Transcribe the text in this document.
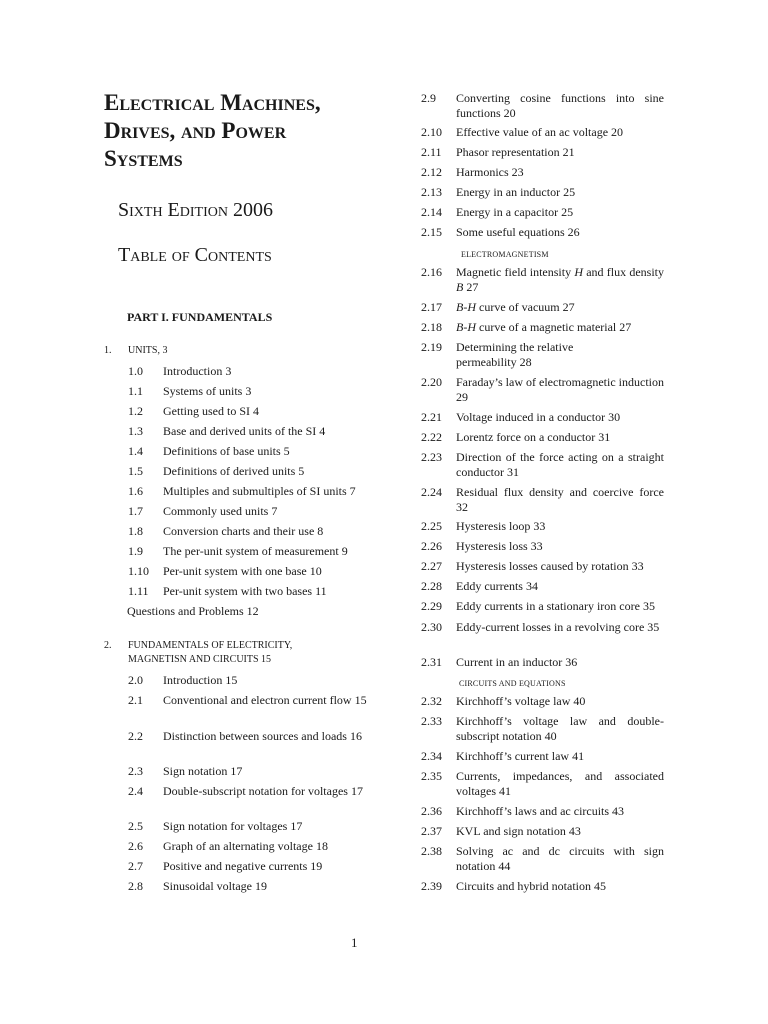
Electrical Machines,
Drives, and Power
Systems
Sixth Edition 2006
Table of Contents
PART I. FUNDAMENTALS
1. UNITS, 3
1.0 Introduction 3
1.1 Systems of units 3
1.2 Getting used to SI 4
1.3 Base and derived units of the SI 4
1.4 Definitions of base units 5
1.5 Definitions of derived units 5
1.6 Multiples and submultiples of SI units 7
1.7 Commonly used units 7
1.8 Conversion charts and their use 8
1.9 The per-unit system of measurement 9
1.10 Per-unit system with one base 10
1.11 Per-unit system with two bases 11
Questions and Problems 12
2. FUNDAMENTALS OF ELECTRICITY,
MAGNETISN AND CIRCUITS 15
2.0 Introduction 15
2.1 Conventional and electron current flow 15
2.2 Distinction between sources and loads 16
2.3 Sign notation 17
2.4 Double-subscript notation for voltages 17
2.5 Sign notation for voltages 17
2.6 Graph of an alternating voltage 18
2.7 Positive and negative currents 19
2.8 Sinusoidal voltage 19
2.9 Converting cosine functions into sine functions 20
2.10 Effective value of an ac voltage 20
2.11 Phasor representation 21
2.12 Harmonics 23
2.13 Energy in an inductor 25
2.14 Energy in a capacitor 25
2.15 Some useful equations 26
ELECTROMAGNETISM
2.16 Magnetic field intensity H and flux density B 27
2.17 B-H curve of vacuum 27
2.18 B-H curve of a magnetic material 27
2.19 Determining the relative
permeability 28
2.20 Faraday’s law of electromagnetic induction 29
2.21 Voltage induced in a conductor 30
2.22 Lorentz force on a conductor 31
2.23 Direction of the force acting on a straight conductor 31
2.24 Residual flux density and coercive force 32
2.25 Hysteresis loop 33
2.26 Hysteresis loss 33
2.27 Hysteresis losses caused by rotation 33
2.28 Eddy currents 34
2.29 Eddy currents in a stationary iron core 35
2.30 Eddy-current losses in a revolving core 35
2.31 Current in an inductor 36
CIRCUITS AND EQUATIONS
2.32 Kirchhoff’s voltage law 40
2.33 Kirchhoff’s voltage law and double-subscript notation 40
2.34 Kirchhoff’s current law 41
2.35 Currents, impedances, and associated voltages 41
2.36 Kirchhoff’s laws and ac circuits 43
2.37 KVL and sign notation 43
2.38 Solving ac and dc circuits with sign notation 44
2.39 Circuits and hybrid notation 45
1
